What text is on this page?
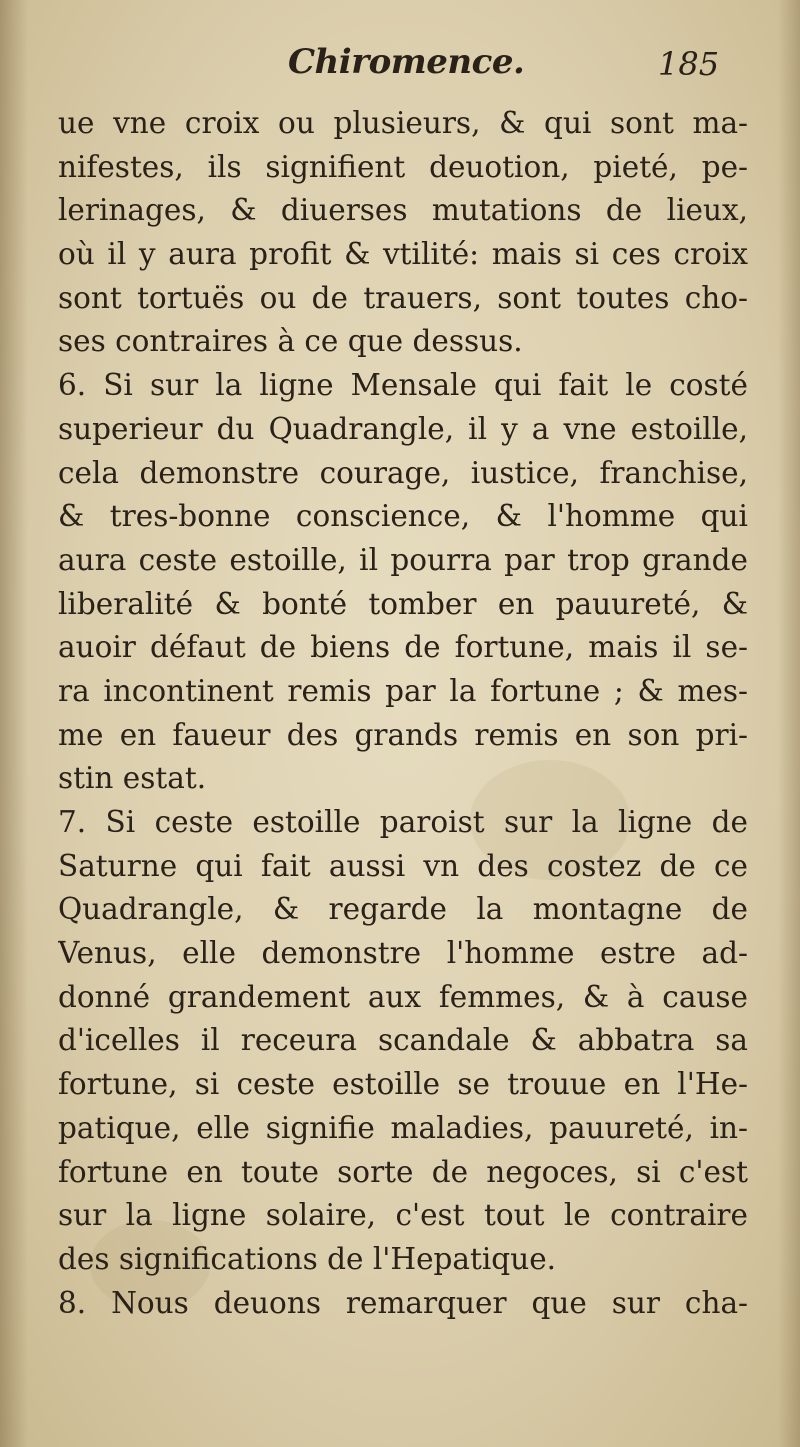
Chiromence.	185
ue vne croix ou plusieurs, & qui sont ma-
nifestes, ils signifient deuotion, pieté, pe-
lerinages, & diuerses mutations de lieux,
où il y aura profit & vtilité: mais si ces croix
sont tortuës ou de trauers, sont toutes cho-
ses contraires à ce que dessus.
6. Si sur la ligne Mensale qui fait le costé
superieur du Quadrangle, il y a vne estoille,
cela demonstre courage, iustice, franchise,
& tres-bonne conscience, & l'homme qui
aura ceste estoille, il pourra par trop grande
liberalité & bonté tomber en pauureté, &
auoir défaut de biens de fortune, mais il se-
ra incontinent remis par la fortune ; & mes-
me en faueur des grands remis en son pri-
stin estat.
7. Si ceste estoille paroist sur la ligne de
Saturne qui fait aussi vn des costez de ce
Quadrangle, & regarde la montagne de
Venus, elle demonstre l'homme estre ad-
donné grandement aux femmes, & à cause
d'icelles il receura scandale & abbatra sa
fortune, si ceste estoille se trouue en l'He-
patique, elle signifie maladies, pauureté, in-
fortune en toute sorte de negoces, si c'est
sur la ligne solaire, c'est tout le contraire
des significations de l'Hepatique.
8. Nous deuons remarquer que sur cha-
